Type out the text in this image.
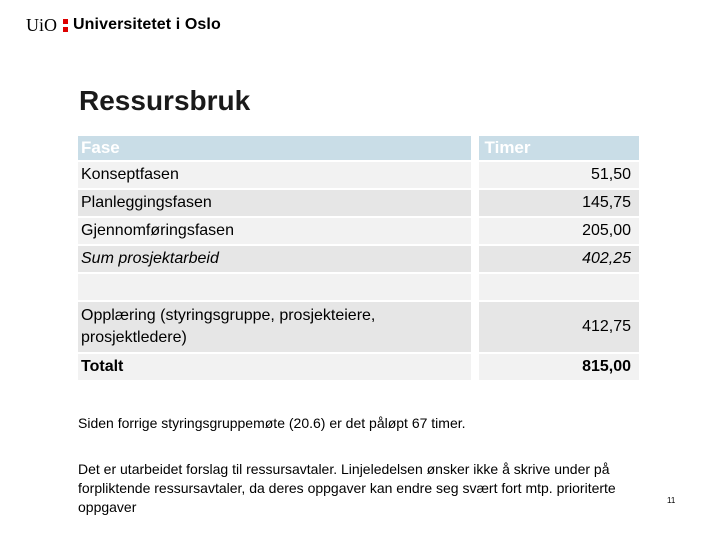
UiO Universitetet i Oslo
Ressursbruk
Fase		Timer
Konseptfasen		51,50
Planleggingsfasen		145,75
Gjennomføringsfasen		205,00
Sum prosjektarbeid		402,25

Opplæring (styringsgruppe, prosjekteiere, prosjektledere)		412,75
Totalt		815,00

Siden forrige styringsgruppemøte (20.6) er det påløpt 67 timer.

Det er utarbeidet forslag til ressursavtaler. Linjeledelsen ønsker ikke å skrive under på forpliktende ressursavtaler, da deres oppgaver kan endre seg svært fort mtp. prioriterte oppgaver	11
